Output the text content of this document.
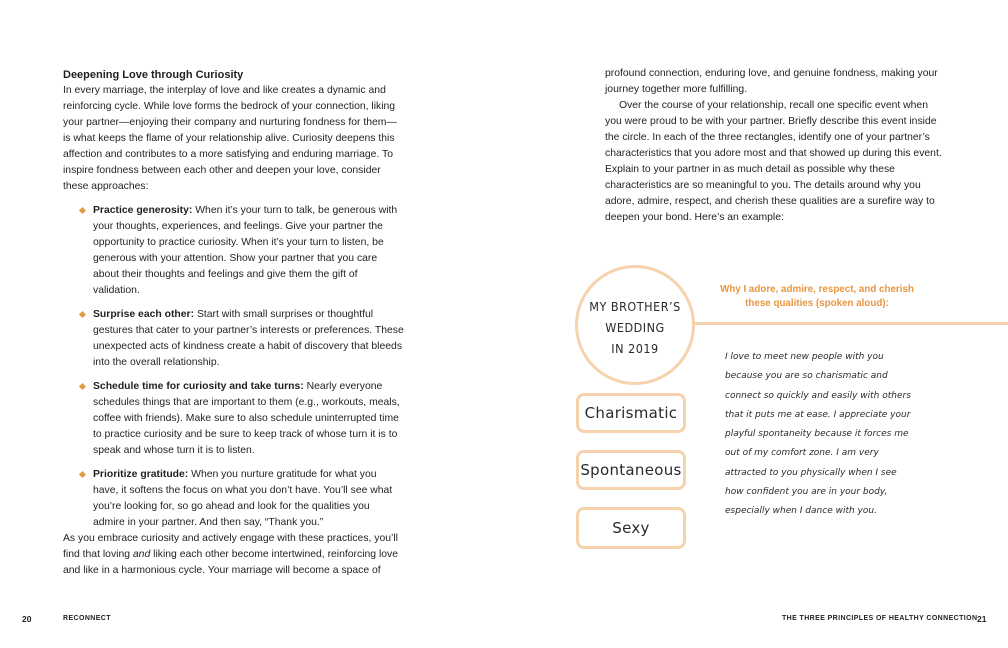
Deepening Love through Curiosity

In every marriage, the interplay of love and like creates a dynamic and reinforcing cycle. While love forms the bedrock of your connection, liking your partner—enjoying their company and nurturing fondness for them—is what keeps the flame of your relationship alive. Curiosity deepens this affection and contributes to a more satisfying and enduring marriage. To inspire fondness between each other and deepen your love, consider these approaches:

Practice generosity: When it’s your turn to talk, be generous with your thoughts, experiences, and feelings. Give your partner the opportunity to practice curiosity. When it’s your turn to listen, be generous with your attention. Show your partner that you care about their thoughts and feelings and give them the gift of validation.
Surprise each other: Start with small surprises or thoughtful gestures that cater to your partner’s interests or preferences. These unexpected acts of kindness create a habit of discovery that bleeds into the overall relationship.
Schedule time for curiosity and take turns: Nearly everyone schedules things that are important to them (e.g., workouts, meals, coffee with friends). Make sure to also schedule uninterrupted time to practice curiosity and be sure to keep track of whose turn it is to speak and whose turn it is to listen.
Prioritize gratitude: When you nurture gratitude for what you have, it softens the focus on what you don’t have. You’ll see what you’re looking for, so go ahead and look for the qualities you admire in your partner. And then say, “Thank you.”

As you embrace curiosity and actively engage with these practices, you’ll find that loving and liking each other become intertwined, reinforcing love and like in a harmonious cycle. Your marriage will become a space of

20	RECONNECT

profound connection, enduring love, and genuine fondness, making your journey together more fulfilling.

Over the course of your relationship, recall one specific event when you were proud to be with your partner. Briefly describe this event inside the circle. In each of the three rectangles, identify one of your partner’s characteristics that you adore most and that showed up during this event. Explain to your partner in as much detail as possible why these characteristics are so meaningful to you. The details around why you adore, admire, respect, and cherish these qualities are a surefire way to deepen your bond. Here’s an example:

MY BROTHER’S
WEDDING
IN 2019
Why I adore, admire, respect, and cherish these qualities (spoken aloud):
Charismatic
Spontaneous
Sexy

I love to meet new people with you because you are so charismatic and connect so quickly and easily with others that it puts me at ease. I appreciate your playful spontaneity because it forces me out of my comfort zone. I am very attracted to you physically when I see how confident you are in your body, especially when I dance with you.

THE THREE PRINCIPLES OF HEALTHY CONNECTION 21
